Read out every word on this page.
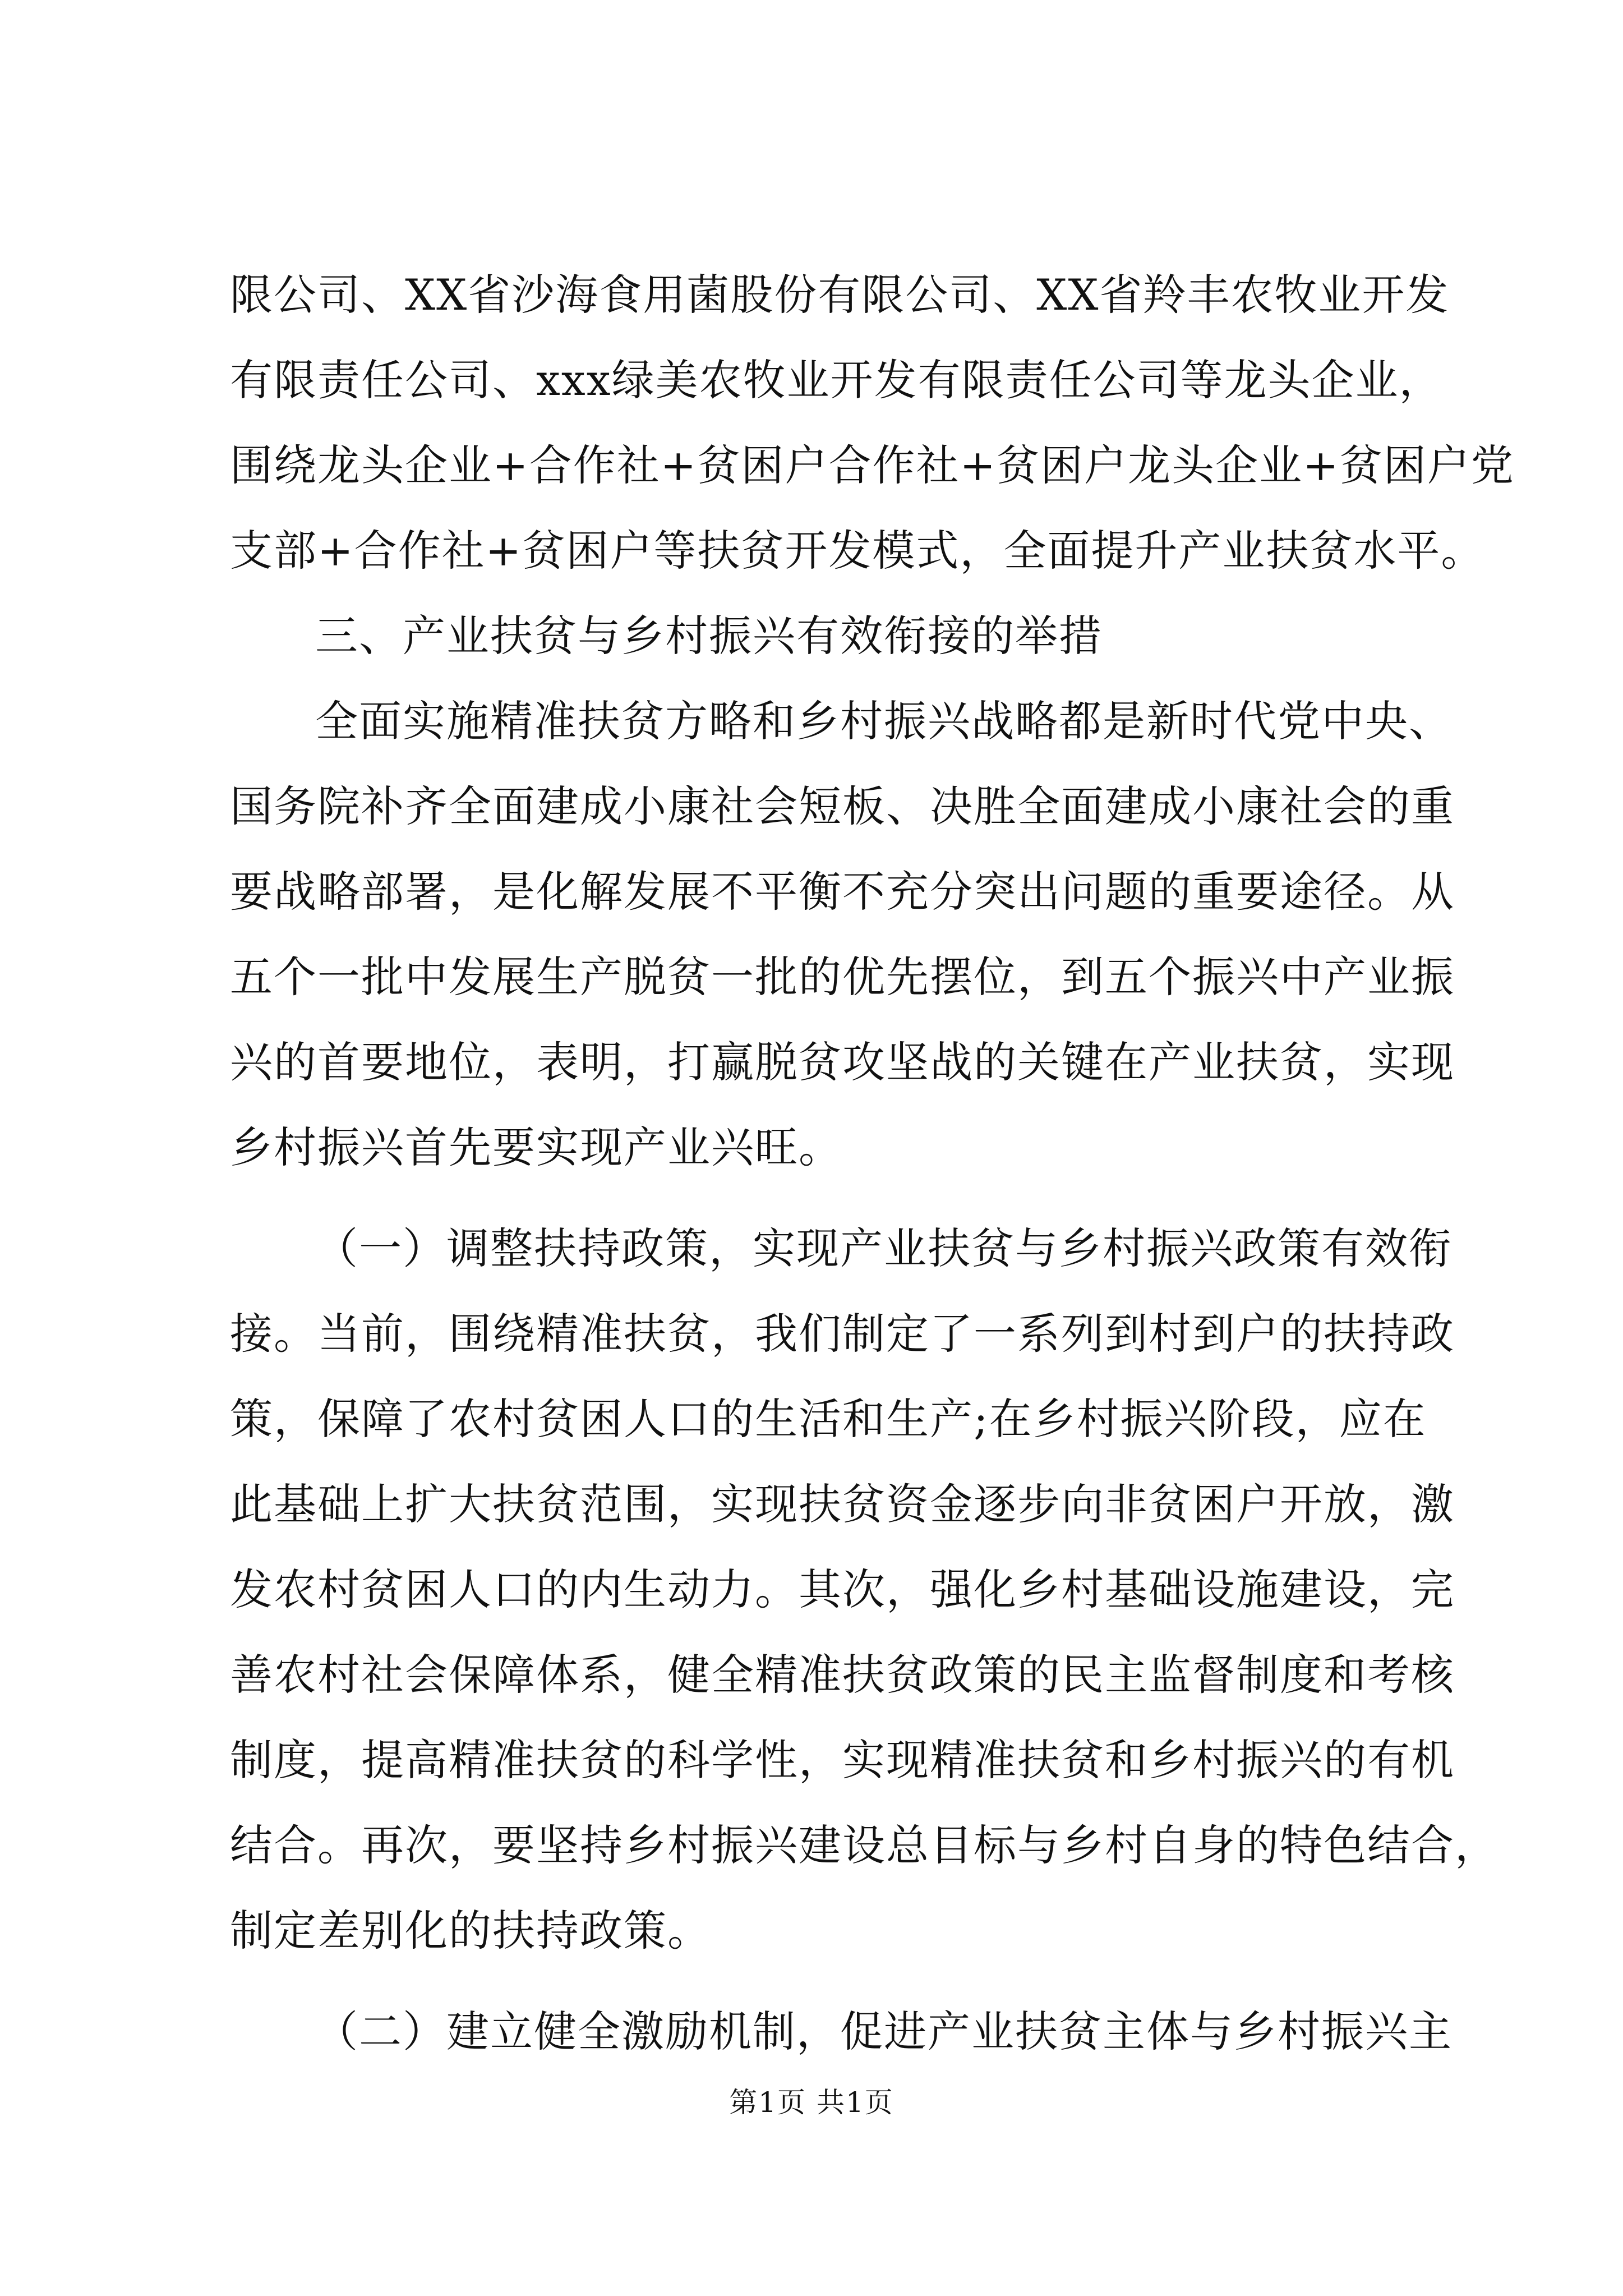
限公司、XX省沙海食用菌股份有限公司、XX省羚丰农牧业开发
有限责任公司、xxx绿美农牧业开发有限责任公司等龙头企业，
围绕龙头企业+合作社+贫困户合作社+贫困户龙头企业+贫困户党
支部+合作社+贫困户等扶贫开发模式，全面提升产业扶贫水平。
三、产业扶贫与乡村振兴有效衔接的举措
全面实施精准扶贫方略和乡村振兴战略都是新时代党中央、
国务院补齐全面建成小康社会短板、决胜全面建成小康社会的重
要战略部署，是化解发展不平衡不充分突出问题的重要途径。从
五个一批中发展生产脱贫一批的优先摆位，到五个振兴中产业振
兴的首要地位，表明，打赢脱贫攻坚战的关键在产业扶贫，实现
乡村振兴首先要实现产业兴旺。
（一）调整扶持政策，实现产业扶贫与乡村振兴政策有效衔
接。当前，围绕精准扶贫，我们制定了一系列到村到户的扶持政
策，保障了农村贫困人口的生活和生产;在乡村振兴阶段，应在
此基础上扩大扶贫范围，实现扶贫资金逐步向非贫困户开放，激
发农村贫困人口的内生动力。其次，强化乡村基础设施建设，完
善农村社会保障体系，健全精准扶贫政策的民主监督制度和考核
制度，提高精准扶贫的科学性，实现精准扶贫和乡村振兴的有机
结合。再次，要坚持乡村振兴建设总目标与乡村自身的特色结合，
制定差别化的扶持政策。
（二）建立健全激励机制，促进产业扶贫主体与乡村振兴主
第1页 共1页
